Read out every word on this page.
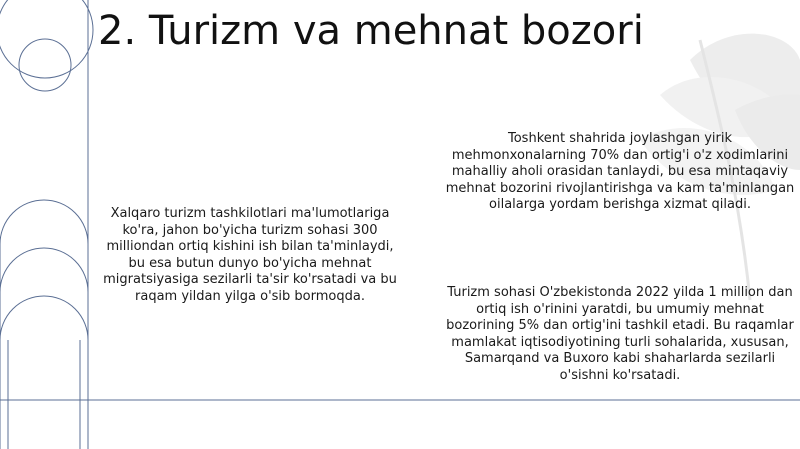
2. Turizm va mehnat bozori

Xalqaro turizm tashkilotlari ma'lumotlariga ko'ra, jahon bo'yicha turizm sohasi 300 milliondan ortiq kishini ish bilan ta'minlaydi, bu esa butun dunyo bo'yicha mehnat migratsiyasiga sezilarli ta'sir ko'rsatadi va bu raqam yildan yilga o'sib bormoqda.

Toshkent shahrida joylashgan yirik mehmonxonalarning 70% dan ortig'i o'z xodimlarini mahalliy aholi orasidan tanlaydi, bu esa mintaqaviy mehnat bozorini rivojlantirishga va kam ta'minlangan oilalarga yordam berishga xizmat qiladi.

Turizm sohasi O'zbekistonda 2022 yilda 1 million dan ortiq ish o'rinini yaratdi, bu umumiy mehnat bozorining 5% dan ortig'ini tashkil etadi. Bu raqamlar mamlakat iqtisodiyotining turli sohalarida, xususan, Samarqand va Buxoro kabi shaharlarda sezilarli o'sishni ko'rsatadi.
